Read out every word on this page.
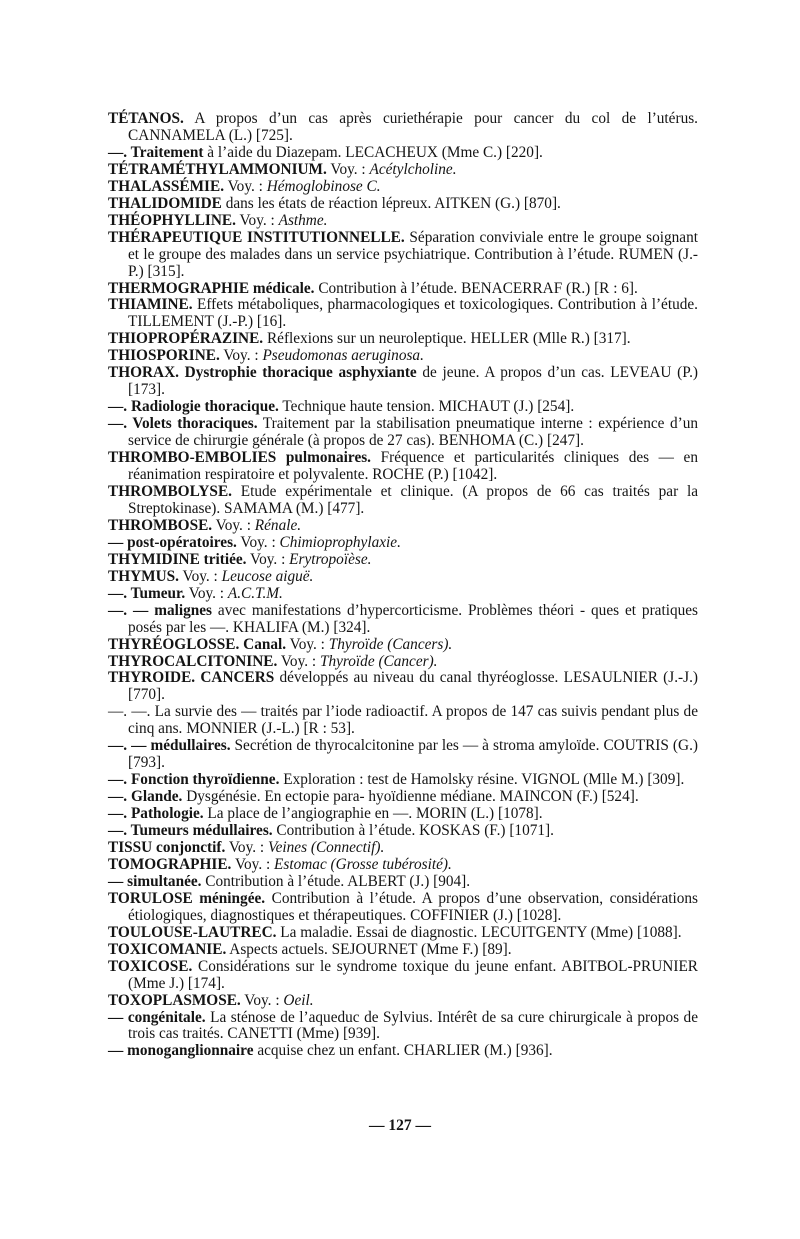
TÉTANOS. A propos d’un cas après curiethérapie pour cancer du col de l’utérus. CANNAMELA (L.) [725].

—. Traitement à l’aide du Diazepam. LECACHEUX (Mme C.) [220].

TÉTRAMÉTHYLAMMONIUM. Voy. : Acétylcholine.

THALASSÉMIE. Voy. : Hémoglobinose C.

THALIDOMIDE dans les états de réaction lépreux. AITKEN (G.) [870].

THÉOPHYLLINE. Voy. : Asthme.

THÉRAPEUTIQUE INSTITUTIONNELLE. Séparation conviviale entre le groupe soignant et le groupe des malades dans un service psychiatrique. Contribution à l’étude. RUMEN (J.-P.) [315].

THERMOGRAPHIE médicale. Contribution à l’étude. BENACERRAF (R.) [R : 6].

THIAMINE. Effets métaboliques, pharmacologiques et toxicologiques. Contribution à l’étude. TILLEMENT (J.-P.) [16].

THIOPROPÉRAZINE. Réflexions sur un neuroleptique. HELLER (Mlle R.) [317].

THIOSPORINE. Voy. : Pseudomonas aeruginosa.

THORAX. Dystrophie thoracique asphyxiante de jeune. A propos d’un cas. LEVEAU (P.) [173].

—. Radiologie thoracique. Technique haute tension. MICHAUT (J.) [254].

—. Volets thoraciques. Traitement par la stabilisation pneumatique interne : expérience d’un service de chirurgie générale (à propos de 27 cas). BENHOMA (C.) [247].

THROMBO-EMBOLIES pulmonaires. Fréquence et particularités cliniques des — en réanimation respiratoire et polyvalente. ROCHE (P.) [1042].

THROMBOLYSE. Etude expérimentale et clinique. (A propos de 66 cas traités par la Streptokinase). SAMAMA (M.) [477].

THROMBOSE. Voy. : Rénale.

— post-opératoires. Voy. : Chimioprophylaxie.

THYMIDINE tritiée. Voy. : Erytropoïèse.

THYMUS. Voy. : Leucose aiguë.

—. Tumeur. Voy. : A.C.T.M.

—. — malignes avec manifestations d’hypercorticisme. Problèmes théori - ques et pratiques posés par les —. KHALIFA (M.) [324].

THYRÉOGLOSSE. Canal. Voy. : Thyroïde (Cancers).

THYROCALCITONINE. Voy. : Thyroïde (Cancer).

THYROIDE. CANCERS développés au niveau du canal thyréoglosse. LESAULNIER (J.-J.) [770].

—. —. La survie des — traités par l’iode radioactif. A propos de 147 cas suivis pendant plus de cinq ans. MONNIER (J.-L.) [R : 53].

—. — médullaires. Secrétion de thyrocalcitonine par les — à stroma amyloïde. COUTRIS (G.) [793].

—. Fonction thyroïdienne. Exploration : test de Hamolsky résine. VIGNOL (Mlle M.) [309].

—. Glande. Dysgénésie. En ectopie para- hyoïdienne médiane. MAINCON (F.) [524].

—. Pathologie. La place de l’angiographie en —. MORIN (L.) [1078].

—. Tumeurs médullaires. Contribution à l’étude. KOSKAS (F.) [1071].

TISSU conjonctif. Voy. : Veines (Connectif).

TOMOGRAPHIE. Voy. : Estomac (Grosse tubérosité).

— simultanée. Contribution à l’étude. ALBERT (J.) [904].

TORULOSE méningée. Contribution à l’étude. A propos d’une observation, considérations étiologiques, diagnostiques et thérapeutiques. COFFINIER (J.) [1028].

TOULOUSE-LAUTREC. La maladie. Essai de diagnostic. LECUITGENTY (Mme) [1088].

TOXICOMANIE. Aspects actuels. SEJOURNET (Mme F.) [89].

TOXICOSE. Considérations sur le syndrome toxique du jeune enfant. ABITBOL-PRUNIER (Mme J.) [174].

TOXOPLASMOSE. Voy. : Oeil.

— congénitale. La sténose de l’aqueduc de Sylvius. Intérêt de sa cure chirurgicale à propos de trois cas traités. CANETTI (Mme) [939].

— monoganglionnaire acquise chez un enfant. CHARLIER (M.) [936].

— 127 —
